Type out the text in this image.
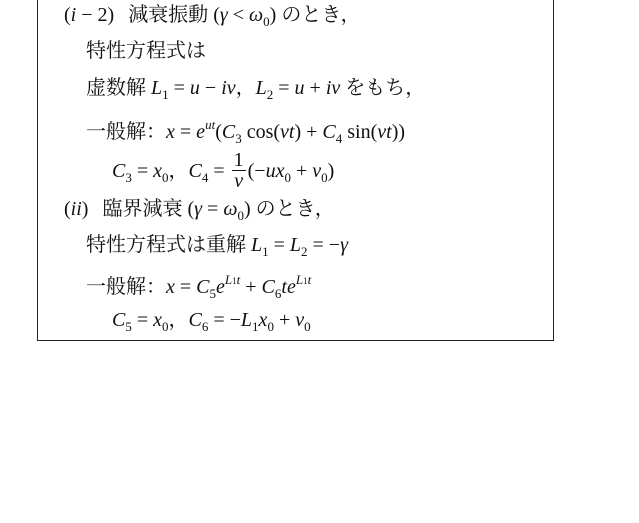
(i − 2) 減衰振動 $(\gamma < \omega_0)$ のとき，
特性方程式は
虚数解 $L_1 = u$ − iv，$L_2 = u$ + iv をもち，
一般解：$x = e^{ut}(C_3$ $\cos(vt) + C_4$ sin(vt))
$C_3 = x_0$，$C_4 = \frac{1}{v} (-ux_0 + v_0)$
(ii) 臨界減衰 $(\gamma = \omega_0)$ のとき，
特性方程式は重解 $L_1 = L_2 = -\gamma$
一般解：$x = C_5e^{L1t} + C_6te^{L1t}$
$C_5 = x_0$，$C_6 = -L_1x_0 + v_0$
